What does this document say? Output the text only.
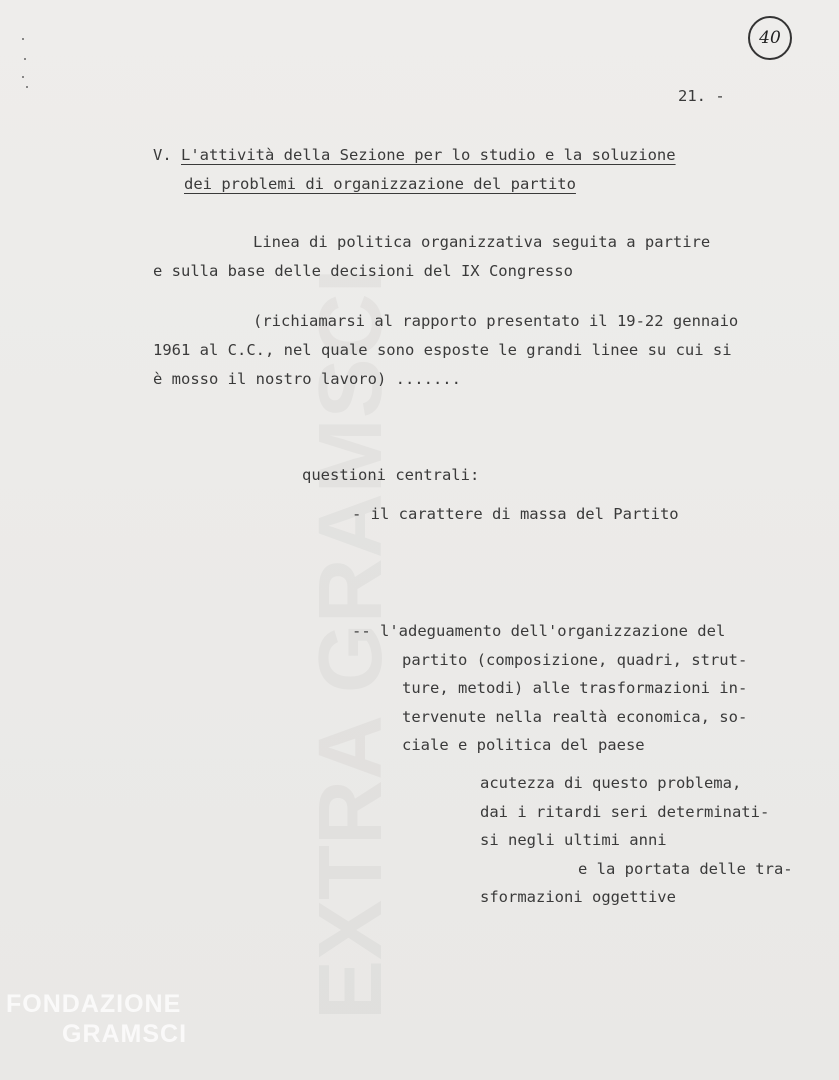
40
21. -
V. L'attività della Sezione per lo studio e la soluzione
dei problemi di organizzazione del partito
Linea di politica organizzativa seguita a partire
e sulla base delle decisioni del IX Congresso
(richiamarsi al rapporto presentato il 19-22 gennaio
1961 al C.C., nel quale sono esposte le grandi linee su cui si
è mosso il nostro lavoro) .......
questioni centrali:
- il carattere di massa del Partito
-- l'adeguamento dell'organizzazione del
partito (composizione, quadri, strut-
ture, metodi) alle trasformazioni in-
tervenute nella realtà economica, so-
ciale e politica del paese
acutezza di questo problema,
dai i ritardi seri determinati-
si negli ultimi anni
e la portata delle tra-
sformazioni oggettive
FONDAZIONE
GRAMSCI
